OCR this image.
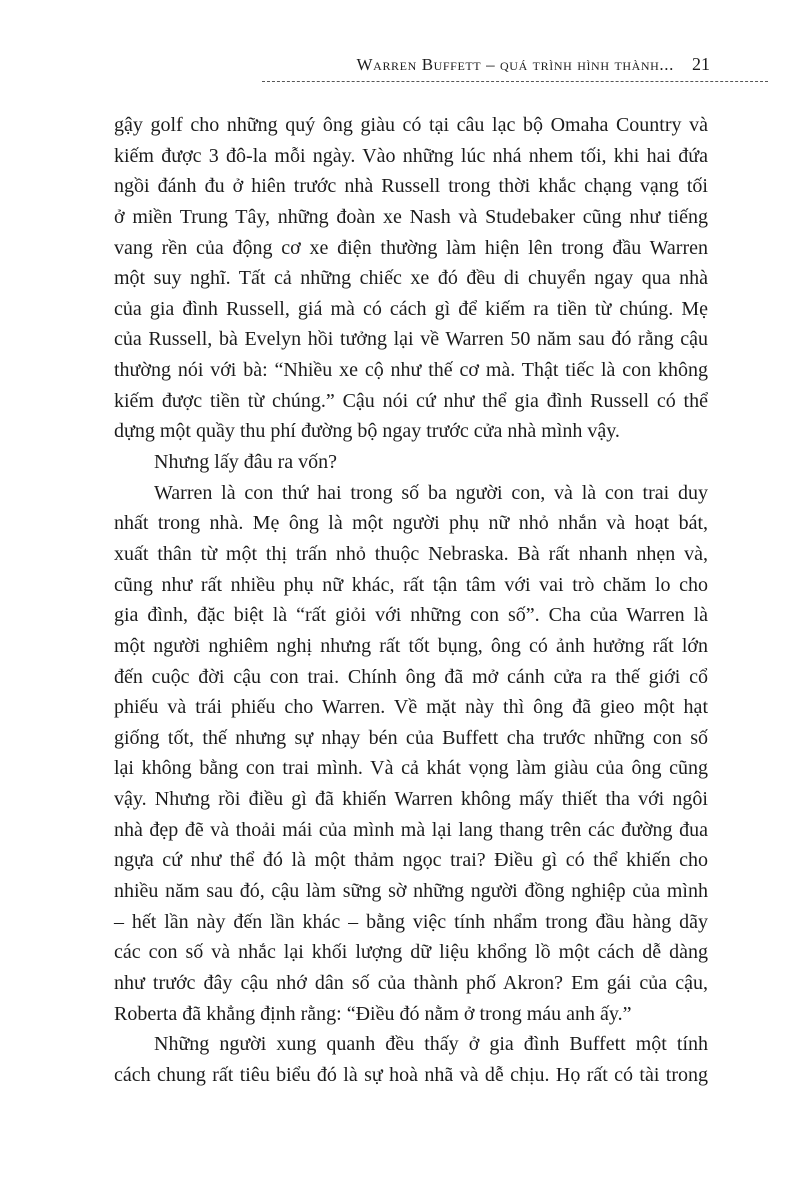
Warren Buffett – quá trình hình thành... 21
gậy golf cho những quý ông giàu có tại câu lạc bộ Omaha Country và
kiếm được 3 đô-la mỗi ngày. Vào những lúc nhá nhem tối, khi hai đứa
ngồi đánh đu ở hiên trước nhà Russell trong thời khắc chạng vạng tối
ở miền Trung Tây, những đoàn xe Nash và Studebaker cũng như tiếng
vang rền của động cơ xe điện thường làm hiện lên trong đầu Warren
một suy nghĩ. Tất cả những chiếc xe đó đều di chuyển ngay qua nhà
của gia đình Russell, giá mà có cách gì để kiếm ra tiền từ chúng. Mẹ
của Russell, bà Evelyn hồi tưởng lại về Warren 50 năm sau đó rằng cậu
thường nói với bà: “Nhiều xe cộ như thế cơ mà. Thật tiếc là con không
kiếm được tiền từ chúng.” Cậu nói cứ như thể gia đình Russell có thể
dựng một quầy thu phí đường bộ ngay trước cửa nhà mình vậy.
Nhưng lấy đâu ra vốn?
Warren là con thứ hai trong số ba người con, và là con trai duy
nhất trong nhà. Mẹ ông là một người phụ nữ nhỏ nhắn và hoạt bát,
xuất thân từ một thị trấn nhỏ thuộc Nebraska. Bà rất nhanh nhẹn và,
cũng như rất nhiều phụ nữ khác, rất tận tâm với vai trò chăm lo cho
gia đình, đặc biệt là “rất giỏi với những con số”. Cha của Warren là
một người nghiêm nghị nhưng rất tốt bụng, ông có ảnh hưởng rất lớn
đến cuộc đời cậu con trai. Chính ông đã mở cánh cửa ra thế giới cổ
phiếu và trái phiếu cho Warren. Về mặt này thì ông đã gieo một hạt
giống tốt, thế nhưng sự nhạy bén của Buffett cha trước những con số
lại không bằng con trai mình. Và cả khát vọng làm giàu của ông cũng
vậy. Nhưng rồi điều gì đã khiến Warren không mấy thiết tha với ngôi
nhà đẹp đẽ và thoải mái của mình mà lại lang thang trên các đường đua
ngựa cứ như thể đó là một thảm ngọc trai? Điều gì có thể khiến cho
nhiều năm sau đó, cậu làm sững sờ những người đồng nghiệp của mình
– hết lần này đến lần khác – bằng việc tính nhẩm trong đầu hàng dãy
các con số và nhắc lại khối lượng dữ liệu khổng lồ một cách dễ dàng
như trước đây cậu nhớ dân số của thành phố Akron? Em gái của cậu,
Roberta đã khẳng định rằng: “Điều đó nằm ở trong máu anh ấy.”
Những người xung quanh đều thấy ở gia đình Buffett một tính
cách chung rất tiêu biểu đó là sự hoà nhã và dễ chịu. Họ rất có tài trong
